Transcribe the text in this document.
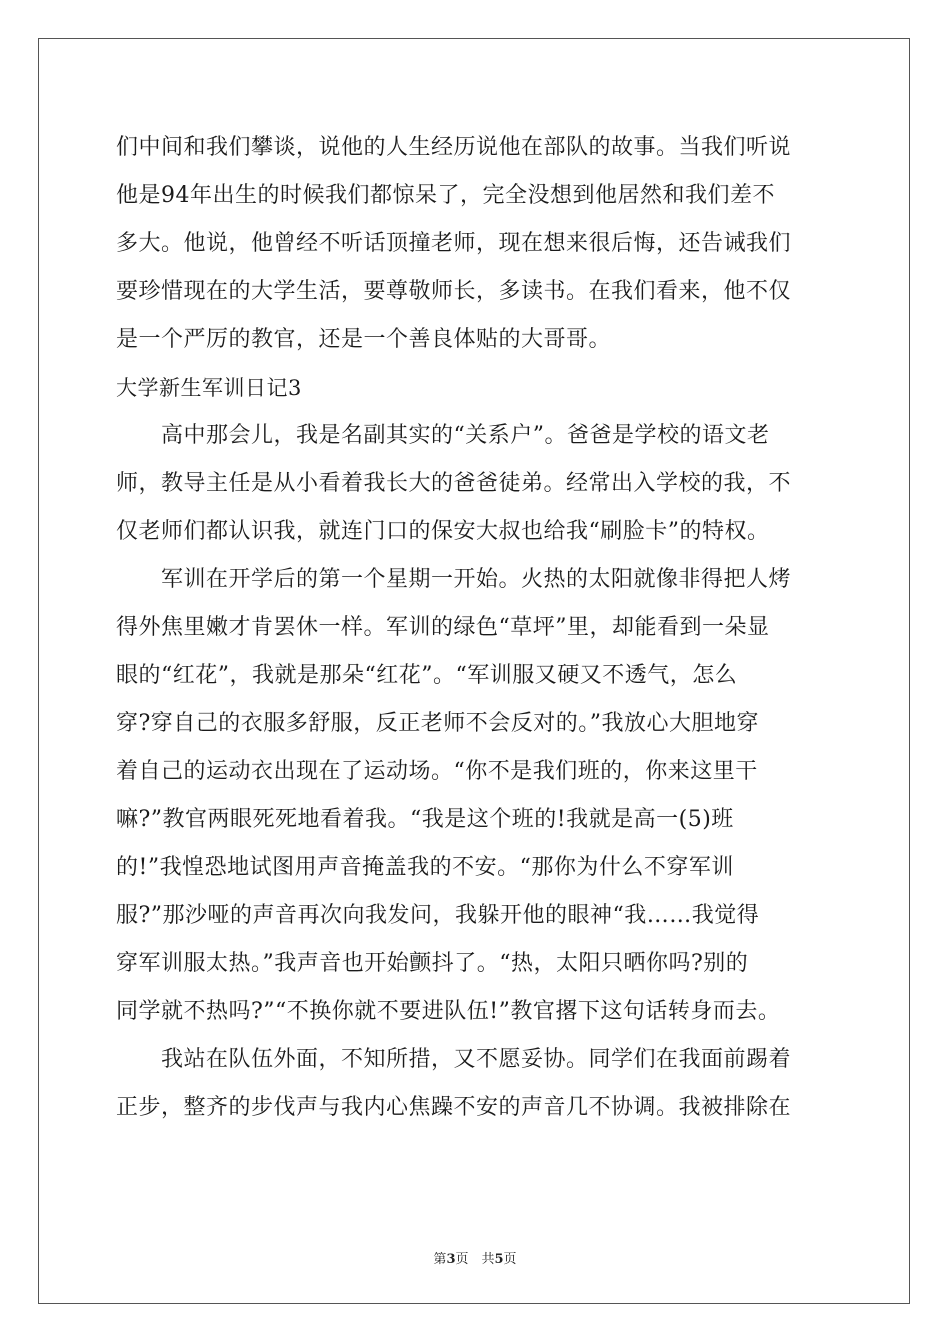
们中间和我们攀谈，说他的人生经历说他在部队的故事。当我们听说
他是94年出生的时候我们都惊呆了，完全没想到他居然和我们差不
多大。他说，他曾经不听话顶撞老师，现在想来很后悔，还告诫我们
要珍惜现在的大学生活，要尊敬师长，多读书。在我们看来，他不仅
是一个严厉的教官，还是一个善良体贴的大哥哥。
大学新生军训日记3
　　高中那会儿，我是名副其实的“关系户”。爸爸是学校的语文老
师，教导主任是从小看着我长大的爸爸徒弟。经常出入学校的我，不
仅老师们都认识我，就连门口的保安大叔也给我“刷脸卡”的特权。
　　军训在开学后的第一个星期一开始。火热的太阳就像非得把人烤
得外焦里嫩才肯罢休一样。军训的绿色“草坪”里，却能看到一朵显
眼的“红花”，我就是那朵“红花”。“军训服又硬又不透气，怎么
穿?穿自己的衣服多舒服，反正老师不会反对的。”我放心大胆地穿
着自己的运动衣出现在了运动场。“你不是我们班的，你来这里干
嘛?”教官两眼死死地看着我。“我是这个班的!我就是高一(5)班
的!”我惶恐地试图用声音掩盖我的不安。“那你为什么不穿军训
服?”那沙哑的声音再次向我发问，我躲开他的眼神“我……我觉得
穿军训服太热。”我声音也开始颤抖了。“热，太阳只晒你吗?别的
同学就不热吗?”“不换你就不要进队伍!”教官撂下这句话转身而去。
　　我站在队伍外面，不知所措，又不愿妥协。同学们在我面前踢着
正步，整齐的步伐声与我内心焦躁不安的声音几不协调。我被排除在
第3页　共5页
